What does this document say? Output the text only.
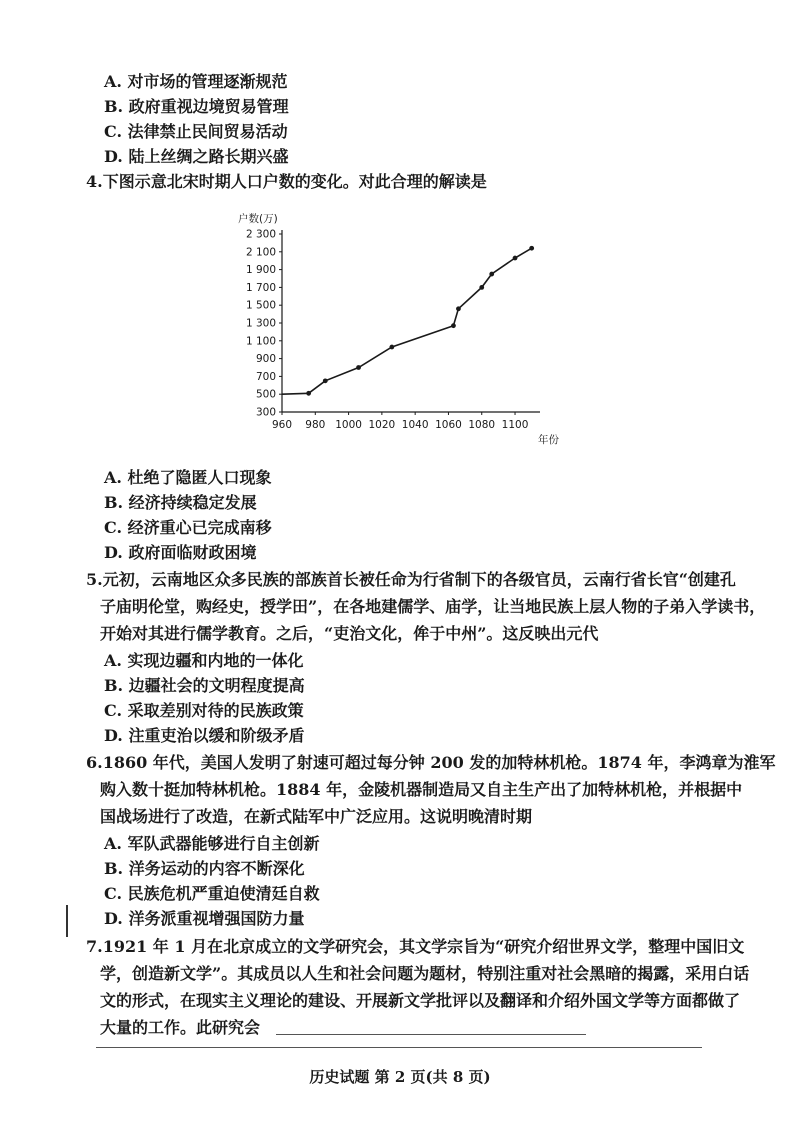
A. 对市场的管理逐渐规范
B. 政府重视边境贸易管理
C. 法律禁止民间贸易活动
D. 陆上丝绸之路长期兴盛
4.下图示意北宋时期人口户数的变化。对此合理的解读是
300
500
700
900
1 100
1 300
1 500
1 700
1 900
2 100
2 300
960 980 1000 1020 1040 1060 1080 1100
户数(万)
年份
A. 杜绝了隐匿人口现象
B. 经济持续稳定发展
C. 经济重心已完成南移
D. 政府面临财政困境
5.元初，云南地区众多民族的部族首长被任命为行省制下的各级官员，云南行省长官“创建孔
子庙明伦堂，购经史，授学田”，在各地建儒学、庙学，让当地民族上层人物的子弟入学读书，
开始对其进行儒学教育。之后，“吏治文化，侔于中州”。这反映出元代
A. 实现边疆和内地的一体化
B. 边疆社会的文明程度提高
C. 采取差别对待的民族政策
D. 注重吏治以缓和阶级矛盾
6.1860 年代，美国人发明了射速可超过每分钟 200 发的加特林机枪。1874 年，李鸿章为淮军
购入数十挺加特林机枪。1884 年，金陵机器制造局又自主生产出了加特林机枪，并根据中
国战场进行了改造，在新式陆军中广泛应用。这说明晚清时期
A. 军队武器能够进行自主创新
B. 洋务运动的内容不断深化
C. 民族危机严重迫使清廷自救
D. 洋务派重视增强国防力量
7.1921 年 1 月在北京成立的文学研究会，其文学宗旨为“研究介绍世界文学，整理中国旧文
学，创造新文学”。其成员以人生和社会问题为题材，特别注重对社会黑暗的揭露，采用白话
文的形式，在现实主义理论的建设、开展新文学批评以及翻译和介绍外国文学等方面都做了
大量的工作。此研究会
历史试题 第 2 页(共 8 页)
